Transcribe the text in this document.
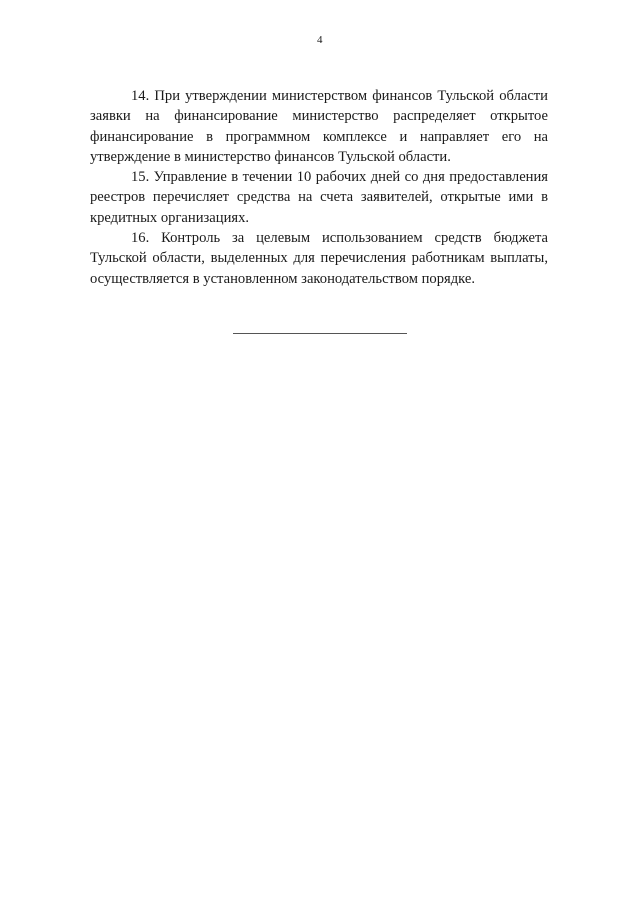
4

14. При утверждении министерством финансов Тульской области заявки на финансирование министерство распределяет открытое финансирование в программном комплексе и направляет его на утверждение в министерство финансов Тульской области.

15. Управление в течении 10 рабочих дней со дня предоставления реестров перечисляет средства на счета заявителей, открытые ими в кредитных организациях.

16. Контроль за целевым использованием средств бюджета Тульской области, выделенных для перечисления работникам выплаты, осуществляется в установленном законодательством порядке.
